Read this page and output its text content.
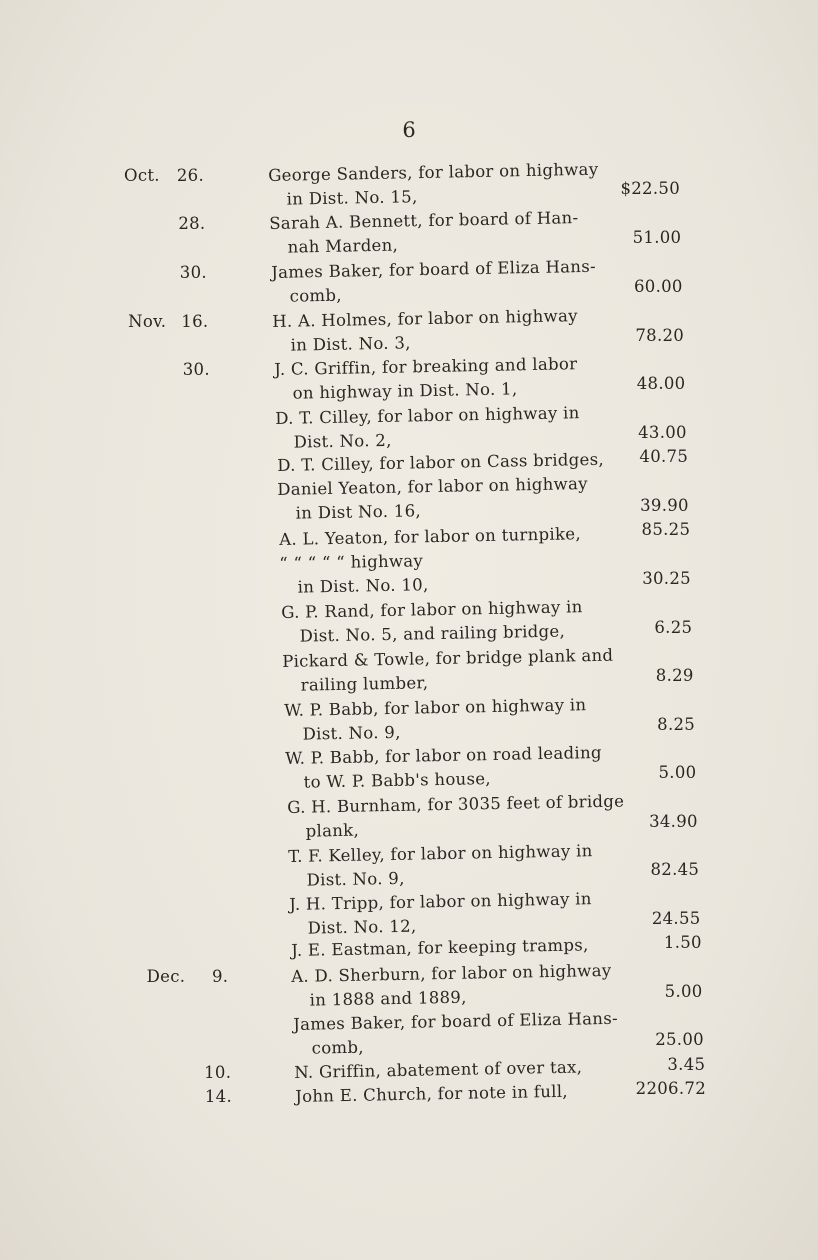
6
Oct.	26.	George Sanders, for labor on highway
in Dist. No. 15,	$22.50
28.	Sarah A. Bennett, for board of Han-
nah Marden,	51.00
30.	James Baker, for board of Eliza Hans-
comb,	60.00
Nov. 16.	H. A. Holmes, for labor on highway
in Dist. No. 3,	78.20
30.	J. C. Griffin, for breaking and labor
on highway in Dist. No. 1,	48.00
D. T. Cilley, for labor on highway in
Dist. No. 2,	43.00
D. T. Cilley, for labor on Cass bridges,	40.75
Daniel Yeaton, for labor on highway
in Dist No. 16,	39.90
A. L. Yeaton, for labor on turnpike,	85.25
“ “ “ “ “ highway
in Dist. No. 10,	30.25
G. P. Rand, for labor on highway in
Dist. No. 5, and railing bridge,	6.25
Pickard & Towle, for bridge plank and
railing lumber,	8.29
W. P. Babb, for labor on highway in
Dist. No. 9,	8.25
W. P. Babb, for labor on road leading
to W. P. Babb's house,	5.00
G. H. Burnham, for 3035 feet of bridge
plank,	34.90
T. F. Kelley, for labor on highway in
Dist. No. 9,	82.45
J. H. Tripp, for labor on highway in
Dist. No. 12,	24.55
J. E. Eastman, for keeping tramps,	1.50
Dec.	9.	A. D. Sherburn, for labor on highway
in 1888 and 1889,	5.00
James Baker, for board of Eliza Hans-
comb,	25.00
10.	N. Griffin, abatement of over tax,	3.45
14.	John E. Church, for note in full,	2206.72
